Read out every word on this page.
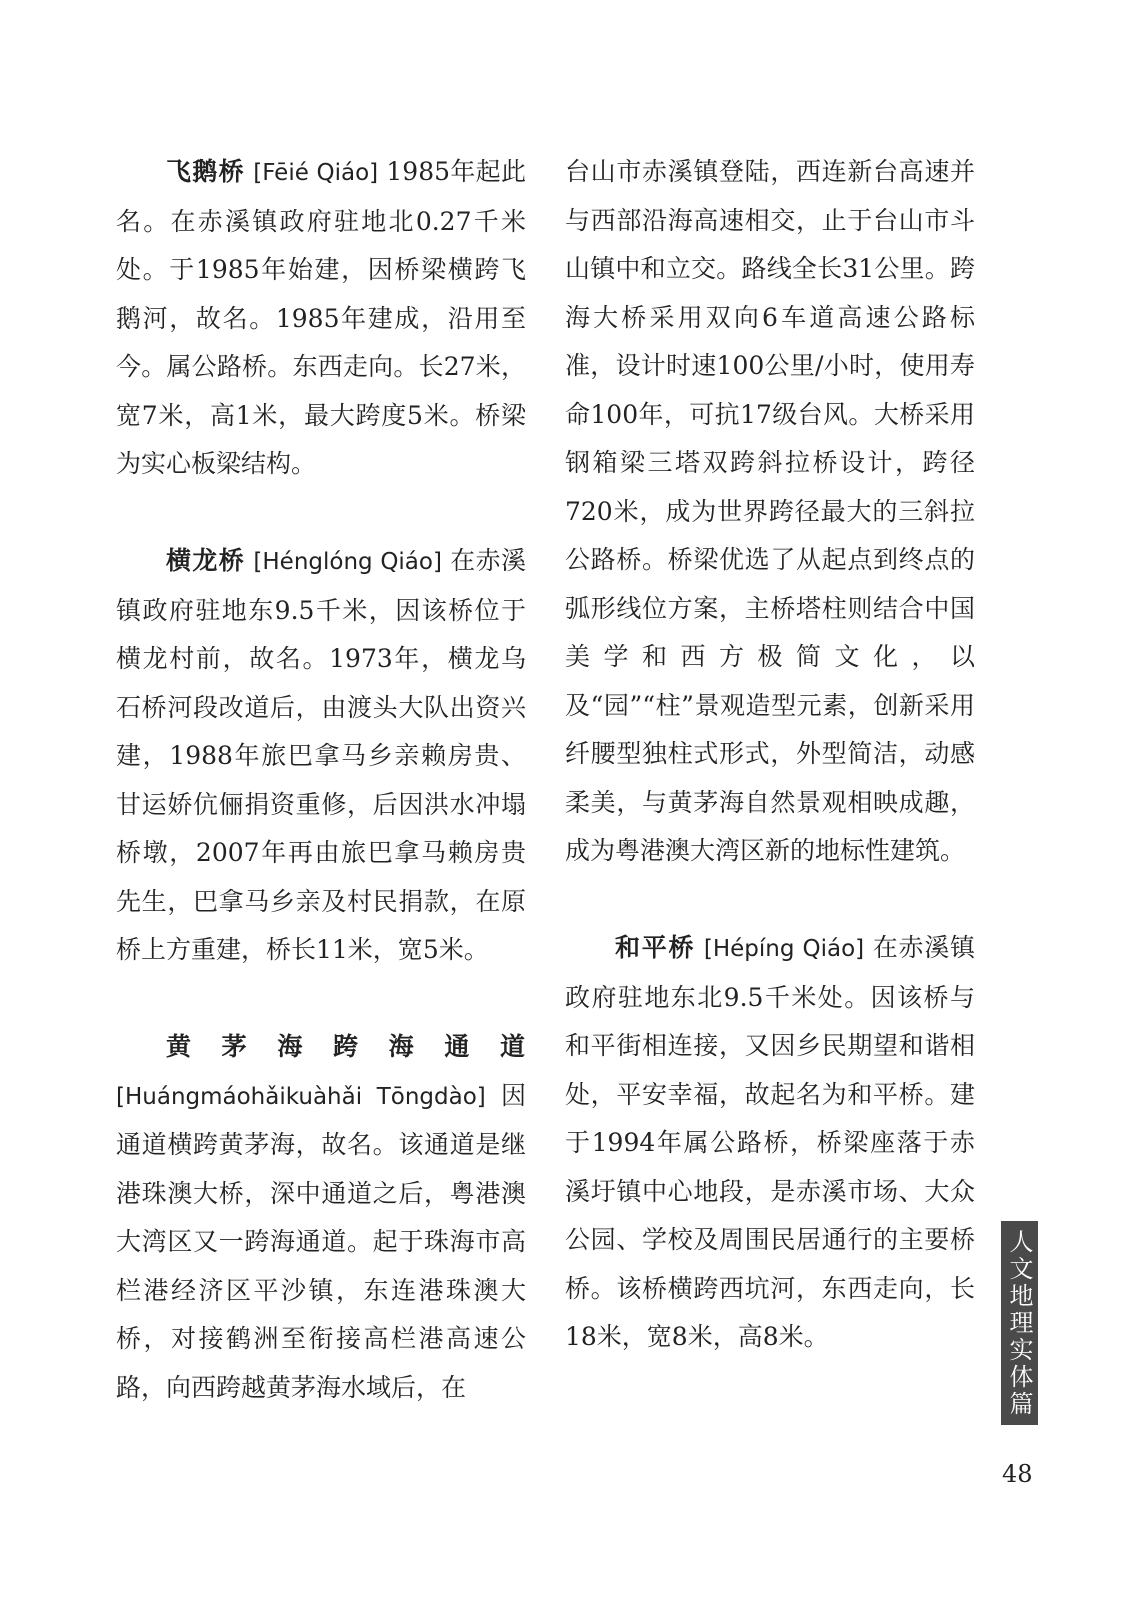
飞鹅桥 [Fēié Qiáo] 1985年起此名。在赤溪镇政府驻地北0.27千米处。于1985年始建，因桥梁横跨飞鹅河，故名。1985年建成，沿用至今。属公路桥。东西走向。长27米，宽7米，高1米，最大跨度5米。桥梁为实心板梁结构。

横龙桥 [Hénglóng Qiáo] 在赤溪镇政府驻地东9.5千米，因该桥位于横龙村前，故名。1973年，横龙乌石桥河段改道后，由渡头大队出资兴建，1988年旅巴拿马乡亲赖房贵、甘运娇伉俪捐资重修，后因洪水冲塌桥墩，2007年再由旅巴拿马赖房贵先生，巴拿马乡亲及村民捐款，在原桥上方重建，桥长11米，宽5米。

黄茅海跨海通道 [Huángmáohǎikuàhǎi Tōngdào] 因通道横跨黄茅海，故名。该通道是继港珠澳大桥，深中通道之后，粤港澳大湾区又一跨海通道。起于珠海市高栏港经济区平沙镇，东连港珠澳大桥，对接鹤洲至衔接高栏港高速公路，向西跨越黄茅海水域后，在

台山市赤溪镇登陆，西连新台高速并与西部沿海高速相交，止于台山市斗山镇中和立交。路线全长31公里。跨海大桥采用双向6车道高速公路标准，设计时速100公里/小时，使用寿命100年，可抗17级台风。大桥采用钢箱梁三塔双跨斜拉桥设计，跨径720米，成为世界跨径最大的三斜拉公路桥。桥梁优选了从起点到终点的弧形线位方案，主桥塔柱则结合中国美学和西方极简文化，以及“园”“柱”景观造型元素，创新采用纤腰型独柱式形式，外型简洁，动感柔美，与黄茅海自然景观相映成趣，成为粤港澳大湾区新的地标性建筑。

和平桥 [Hépíng Qiáo] 在赤溪镇政府驻地东北9.5千米处。因该桥与和平街相连接，又因乡民期望和谐相处，平安幸福，故起名为和平桥。建于1994年属公路桥，桥梁座落于赤溪圩镇中心地段，是赤溪市场、大众公园、学校及周围民居通行的主要桥桥。该桥横跨西坑河，东西走向，长18米，宽8米，高8米。	人文地理实体篇
48
